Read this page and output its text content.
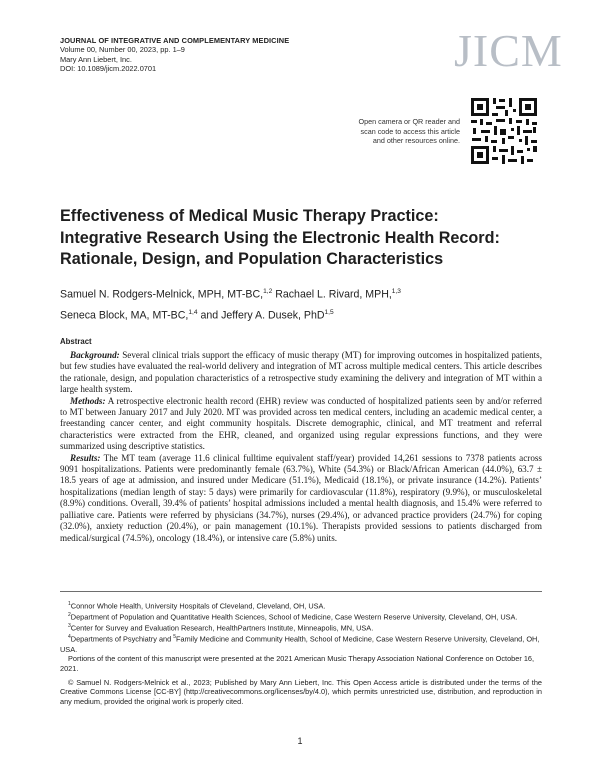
JOURNAL OF INTEGRATIVE AND COMPLEMENTARY MEDICINE
Volume 00, Number 00, 2023, pp. 1–9
Mary Ann Liebert, Inc.
DOI: 10.1089/jicm.2022.0701	JICM
Open camera or QR reader and
scan code to access this article
and other resources online.
Effectiveness of Medical Music Therapy Practice:
Integrative Research Using the Electronic Health Record:
Rationale, Design, and Population Characteristics
Samuel N. Rodgers-Melnick, MPH, MT-BC,$^{1,2}$ Rachael L. Rivard, MPH,$^{1,3}$
Seneca Block, MA, MT-BC,$^{1,4}$ and Jeffery A. Dusek, PhD$^{1,5}$
Abstract

Background: Several clinical trials support the efficacy of music therapy (MT) for improving outcomes in hospitalized patients, but few studies have evaluated the real-world delivery and integration of MT across multiple medical centers. This article describes the rationale, design, and population characteristics of a retrospective study examining the delivery and integration of MT within a large health system.

Methods: A retrospective electronic health record (EHR) review was conducted of hospitalized patients seen by and/or referred to MT between January 2017 and July 2020. MT was provided across ten medical centers, including an academic medical center, a freestanding cancer center, and eight community hospitals. Discrete demographic, clinical, and MT treatment and referral characteristics were extracted from the EHR, cleaned, and organized using regular expressions functions, and they were summarized using descriptive statistics.

Results: The MT team (average 11.6 clinical fulltime equivalent staff/year) provided 14,261 sessions to 7378 patients across 9091 hospitalizations. Patients were predominantly female (63.7%), White (54.3%) or Black/African American (44.0%), 63.7 ± 18.5 years of age at admission, and insured under Medicare (51.1%), Medicaid (18.1%), or private insurance (14.2%). Patients’ hospitalizations (median length of stay: 5 days) were primarily for cardiovascular (11.8%), respiratory (9.9%), or musculoskeletal (8.9%) conditions. Overall, 39.4% of patients’ hospital admissions included a mental health diagnosis, and 15.4% were referred to palliative care. Patients were referred by physicians (34.7%), nurses (29.4%), or advanced practice providers (24.7%) for coping (32.0%), anxiety reduction (20.4%), or pain management (10.1%). Therapists provided sessions to patients discharged from medical/surgical (74.5%), oncology (18.4%), or intensive care (5.8%) units.

$^1$Connor Whole Health, University Hospitals of Cleveland, Cleveland, OH, USA.

$^2$Department of Population and Quantitative Health Sciences, School of Medicine, Case Western Reserve University, Cleveland, OH, USA.

$^3$Center for Survey and Evaluation Research, HealthPartners Institute, Minneapolis, MN, USA.

$^4$Departments of Psychiatry and $^5$Family Medicine and Community Health, School of Medicine, Case Western Reserve University, Cleveland, OH, USA.

Portions of the content of this manuscript were presented at the 2021 American Music Therapy Association National Conference on October 16, 2021.

© Samuel N. Rodgers-Melnick et al., 2023; Published by Mary Ann Liebert, Inc. This Open Access article is distributed under the terms of the Creative Commons License [CC-BY] (http://creativecommons.org/licenses/by/4.0), which permits unrestricted use, distribution, and reproduction in any medium, provided the original work is properly cited.

1
